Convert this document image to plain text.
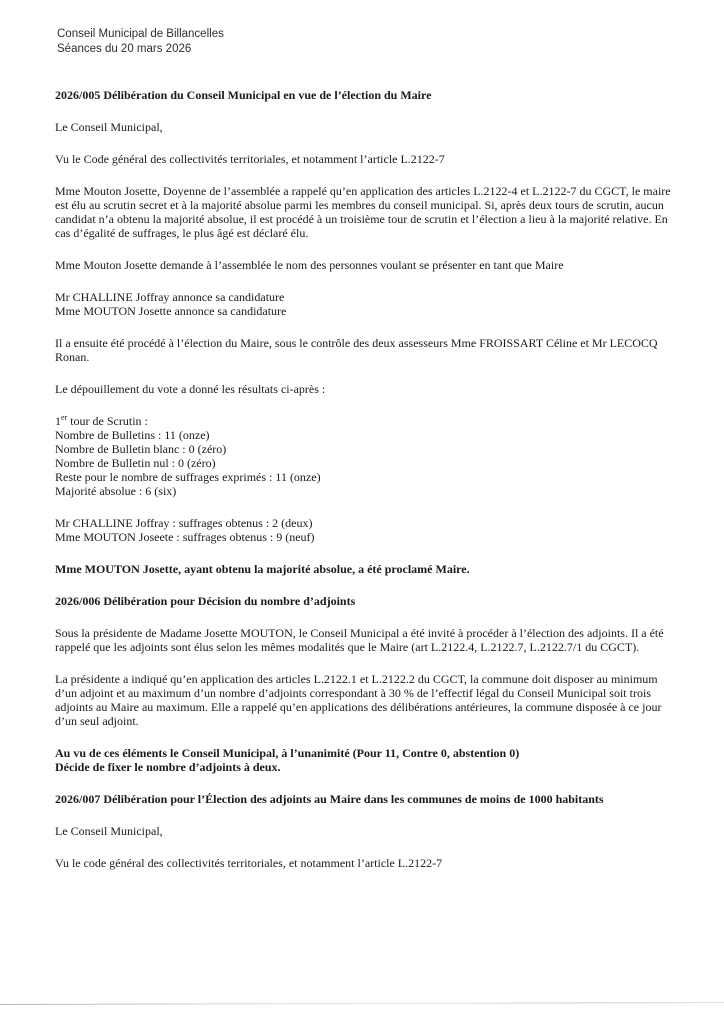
Conseil Municipal de Billancelles
Séances du 20 mars 2026
2026/005 Délibération du Conseil Municipal en vue de l’élection du Maire
Le Conseil Municipal,
Vu le Code général des collectivités territoriales, et notamment l’article L.2122-7
Mme Mouton Josette, Doyenne de l’assemblée a rappelé qu’en application des articles L.2122-4 et L.2122-7 du CGCT, le maire est élu au scrutin secret et à la majorité absolue parmi les membres du conseil municipal. Si, après deux tours de scrutin, aucun candidat n’a obtenu la majorité absolue, il est procédé à un troisième tour de scrutin et l’élection a lieu à la majorité relative. En cas d’égalité de suffrages, le plus âgé est déclaré élu.
Mme Mouton Josette demande à l’assemblée le nom des personnes voulant se présenter en tant que Maire
Mr CHALLINE Joffray annonce sa candidature
Mme MOUTON Josette annonce sa candidature
Il a ensuite été procédé à l’élection du Maire, sous le contrôle des deux assesseurs Mme FROISSART Céline et Mr LECOCQ Ronan.
Le dépouillement du vote a donné les résultats ci-après :
1er tour de Scrutin :
Nombre de Bulletins : 11 (onze)
Nombre de Bulletin blanc : 0 (zéro)
Nombre de Bulletin nul : 0 (zéro)
Reste pour le nombre de suffrages exprimés : 11 (onze)
Majorité absolue : 6 (six)
Mr CHALLINE Joffray : suffrages obtenus : 2 (deux)
Mme MOUTON Joseete : suffrages obtenus : 9 (neuf)
Mme MOUTON Josette, ayant obtenu la majorité absolue, a été proclamé Maire.
2026/006 Délibération pour Décision du nombre d’adjoints
Sous la présidente de Madame Josette MOUTON, le Conseil Municipal a été invité à procéder à l’élection des adjoints. Il a été rappelé que les adjoints sont élus selon les mêmes modalités que le Maire (art L.2122.4, L.2122.7, L.2122.7/1 du CGCT).
La présidente a indiqué qu’en application des articles L.2122.1 et L.2122.2 du CGCT, la commune doit disposer au minimum d’un adjoint et au maximum d’un nombre d’adjoints correspondant à 30 % de l’effectif légal du Conseil Municipal soit trois adjoints au Maire au maximum. Elle a rappelé qu’en applications des délibérations antérieures, la commune disposée à ce jour d’un seul adjoint.
Au vu de ces éléments le Conseil Municipal, à l’unanimité (Pour 11, Contre 0, abstention 0)
Décide de fixer le nombre d’adjoints à deux.
2026/007 Délibération pour l’Élection des adjoints au Maire dans les communes de moins de 1000 habitants
Le Conseil Municipal,
Vu le code général des collectivités territoriales, et notamment l’article L.2122-7
